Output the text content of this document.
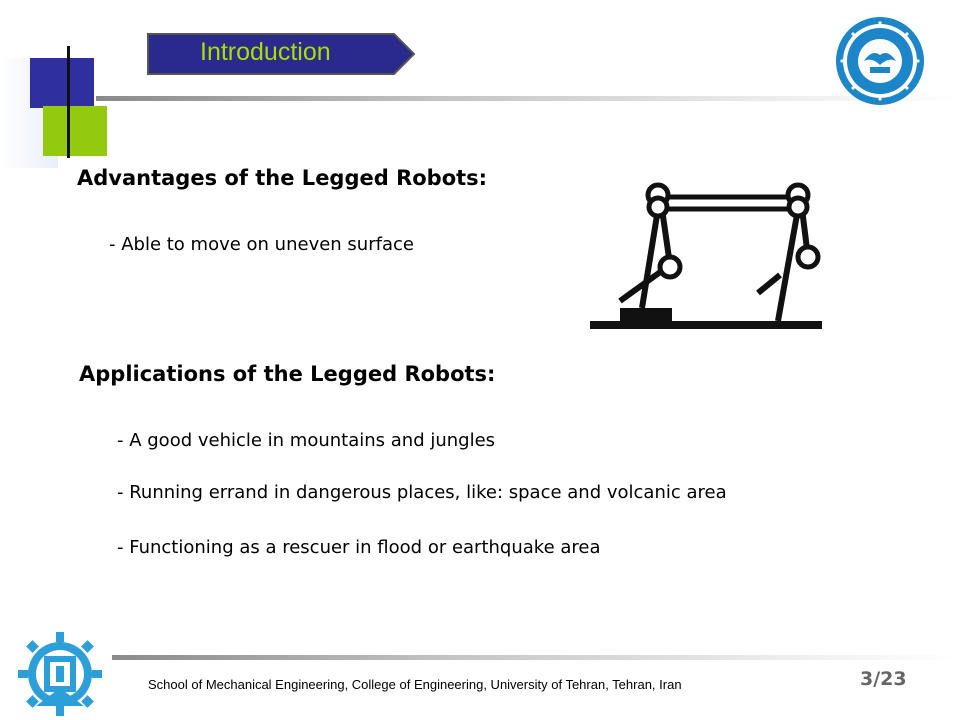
Introduction
Advantages of the Legged Robots:
- Able to move on uneven surface
Applications of the Legged Robots:
- A good vehicle in mountains and jungles
- Running errand in dangerous places, like: space and volcanic area
- Functioning as a rescuer in flood or earthquake area
School of Mechanical Engineering, College of Engineering, University of Tehran, Tehran, Iran	3/23
